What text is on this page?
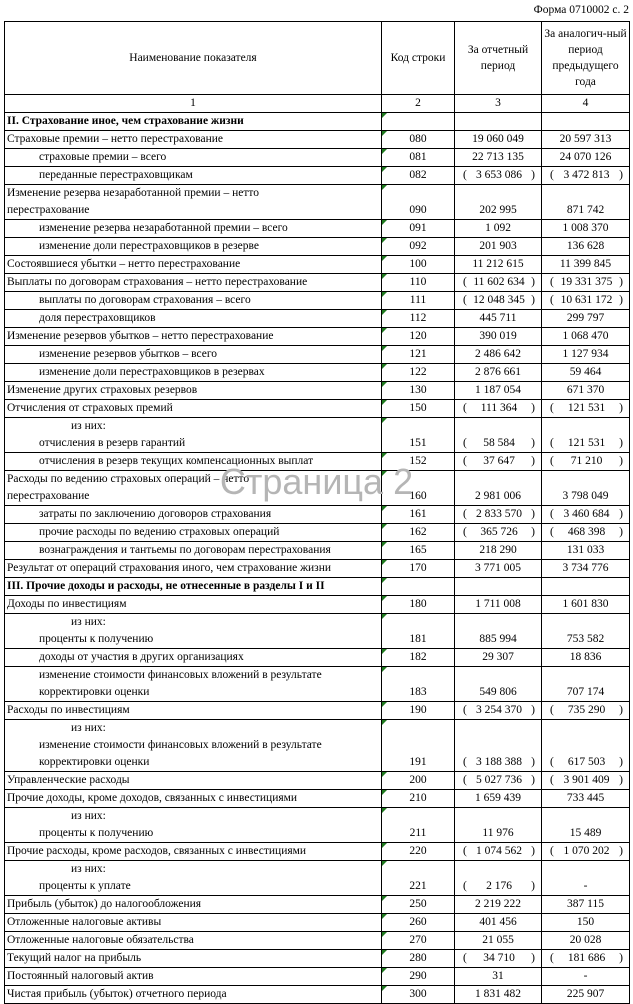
Форма 0710002 с. 2
Наименование показателя	Код строки	За отчетный период	За аналогич-ный период предыдущего года
1	2	3	4

II. Страхование иное, чем страхование жизни			

Страховые премии – нетто перестрахование	080	19 060 049	20 597 313

страховые премии – всего	081	22 713 135	24 070 126

переданные перестраховщикам	082	( 3 653 086 )	( 3 472 813 )

Изменение резерва незаработанной премии – нетто
перестрахование	090	202 995	871 742

изменение резерва незаработанной премии – всего	091	1 092	1 008 370

изменение доли перестраховщиков в резерве	092	201 903	136 628

Состоявшиеся убытки – нетто перестрахование	100	11 212 615	11 399 845

Выплаты по договорам страхования – нетто перестрахование	110	( 11 602 634 )	( 19 331 375 )

выплаты по договорам страхования – всего	111	( 12 048 345 )	( 10 631 172 )

доля перестраховщиков	112	445 711	299 797

Изменение резервов убытков – нетто перестрахование	120	390 019	1 068 470

изменение резервов убытков – всего	121	2 486 642	1 127 934

изменение доли перестраховщиков в резервах	122	2 876 661	59 464

Изменение других страховых резервов	130	1 187 054	671 370

Отчисления от страховых премий	150	( 111 364 )	( 121 531 )

из них:
отчисления в резерв гарантий	151	( 58 584 )	( 121 531 )

отчисления в резерв текущих компенсационных выплат	152	( 37 647 )	( 71 210 )

Расходы по ведению страховых операций – нетто
перестрахование	160	2 981 006	3 798 049

затраты по заключению договоров страхования	161	( 2 833 570 )	( 3 460 684 )

прочие расходы по ведению страховых операций	162	( 365 726 )	( 468 398 )

вознаграждения и тантьемы по договорам перестрахования	165	218 290	131 033

Результат от операций страхования иного, чем страхование жизни	170	3 771 005	3 734 776

III. Прочие доходы и расходы, не отнесенные в разделы I и II			

Доходы по инвестициям	180	1 711 008	1 601 830

из них:
проценты к получению	181	885 994	753 582

доходы от участия в других организациях	182	29 307	18 836

изменение стоимости финансовых вложений в результате
корректировки оценки	183	549 806	707 174

Расходы по инвестициям	190	( 3 254 370 )	( 735 290 )

из них:
изменение стоимости финансовых вложений в результате
корректировки оценки	191	( 3 188 388 )	( 617 503 )

Управленческие расходы	200	( 5 027 736 )	( 3 901 409 )

Прочие доходы, кроме доходов, связанных с инвестициями	210	1 659 439	733 445

из них:
проценты к получению	211	11 976	15 489

Прочие расходы, кроме расходов, связанных с инвестициями	220	( 1 074 562 )	( 1 070 202 )

из них:
проценты к уплате	221	( 2 176 )	-

Прибыль (убыток) до налогообложения	250	2 219 222	387 115

Отложенные налоговые активы	260	401 456	150

Отложенные налоговые обязательства	270	21 055	20 028

Текущий налог на прибыль	280	( 34 710 )	( 181 686 )

Постоянный налоговый актив	290	31	-

Чистая прибыль (убыток) отчетного периода	300	1 831 482	225 907
Страница 2
